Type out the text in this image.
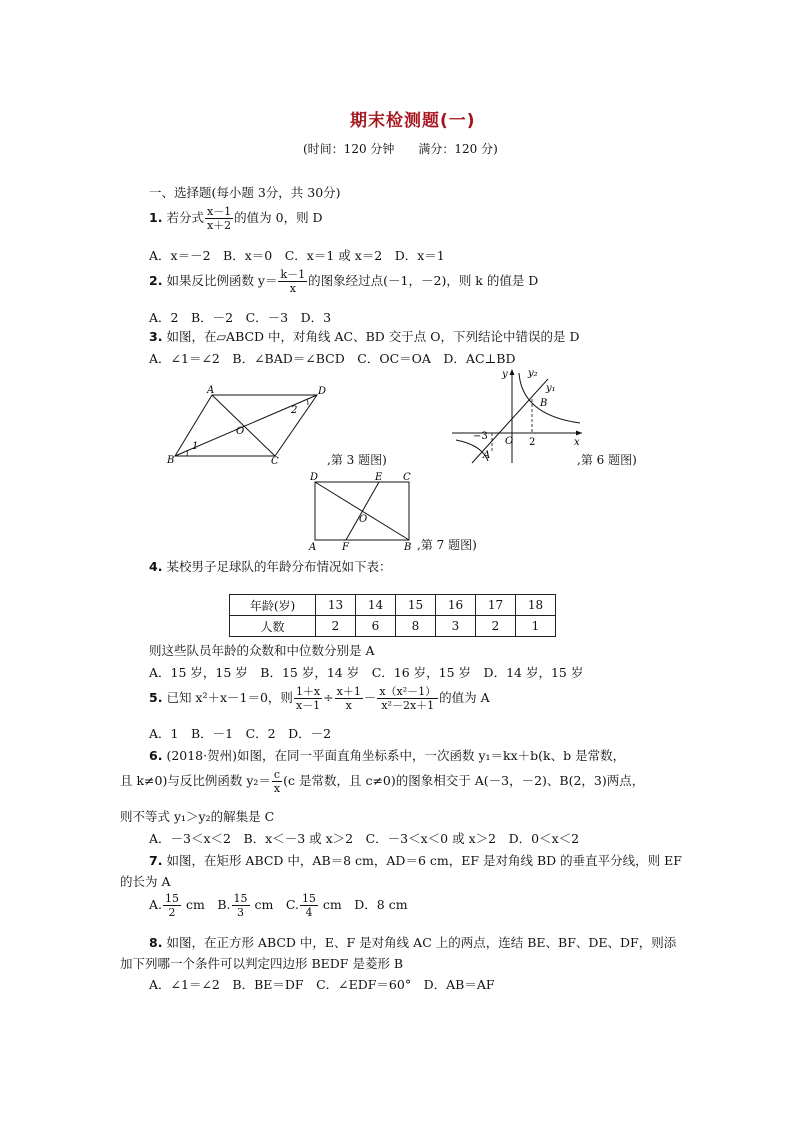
期末检测题(一)
(时间：120 分钟　　满分：120 分)
一、选择题(每小题 3分，共 30分)
1. 若分式 $\frac{x-1}{x+2}$ 的值为 0，则 D
A．x＝－2　B．x＝0　C．x＝1 或 x＝2　D．x＝1
2. 如果反比例函数 $y= \frac{k-1}{x}$ 的图象经过点(－1，－2)，则 k 的值是 D
A．2　B．－2　C．－3　D．3
3. 如图，在▱ABCD 中，对角线 AC、BD 交于点 O，下列结论中错误的是 D
A．∠1＝∠2　B．∠BAD＝∠BCD　C．OC＝OA　D．AC⊥BD
A	D
B	C
O
1
2
,第 3 题图)
y
x
O
y₂
y₁
B
A
−3
2
,第 6 题图)
D	E C
A	F	B
O
,第 7 题图)
4. 某校男子足球队的年龄分布情况如下表：
年龄(岁)	13	14	15	16	17	18
人数	2	6	8	3	2	1
则这些队员年龄的众数和中位数分别是 A
A．15 岁，15 岁　B．15 岁，14 岁　C．16 岁，15 岁　D．14 岁，15 岁
5. 已知 x²＋x－1＝0，则 $\frac{1+x}{x-1} \div \frac{x+1}{x} - \frac{\text{x（x²－1）}}{\text{x²－2x＋1}}$ 的值为 A
A．1　B．－1　C．2　D．－2
6. (2018·贺州)如图，在同一平面直角坐标系中，一次函数 y₁＝kx＋b(k、b 是常数，
且 k≠0)与反比例函数 $y_2= \frac{c}{x} (c$ 是常数，且 c≠0)的图象相交于 A(－3，－2)、B(2，3)两点，
则不等式 y₁＞y₂的解集是 C
A．－3＜x＜2　B．x＜－3 或 x＞2　C．－3＜x＜0 或 x＞2　D．0＜x＜2
7. 如图，在矩形 ABCD 中，AB＝8 cm，AD＝6 cm，EF 是对角线 BD 的垂直平分线，则 EF
的长为 A
A. $\frac{15}{2}$ cm　B. $\frac{15}{3}$ cm　C. $\frac{15}{4}$ cm　D．8 cm
8. 如图，在正方形 ABCD 中，E、F 是对角线 AC 上的两点，连结 BE、BF、DE、DF，则添
加下列哪一个条件可以判定四边形 BEDF 是菱形 B
A．∠1＝∠2　B．BE＝DF　C．∠EDF＝60°　D．AB＝AF
